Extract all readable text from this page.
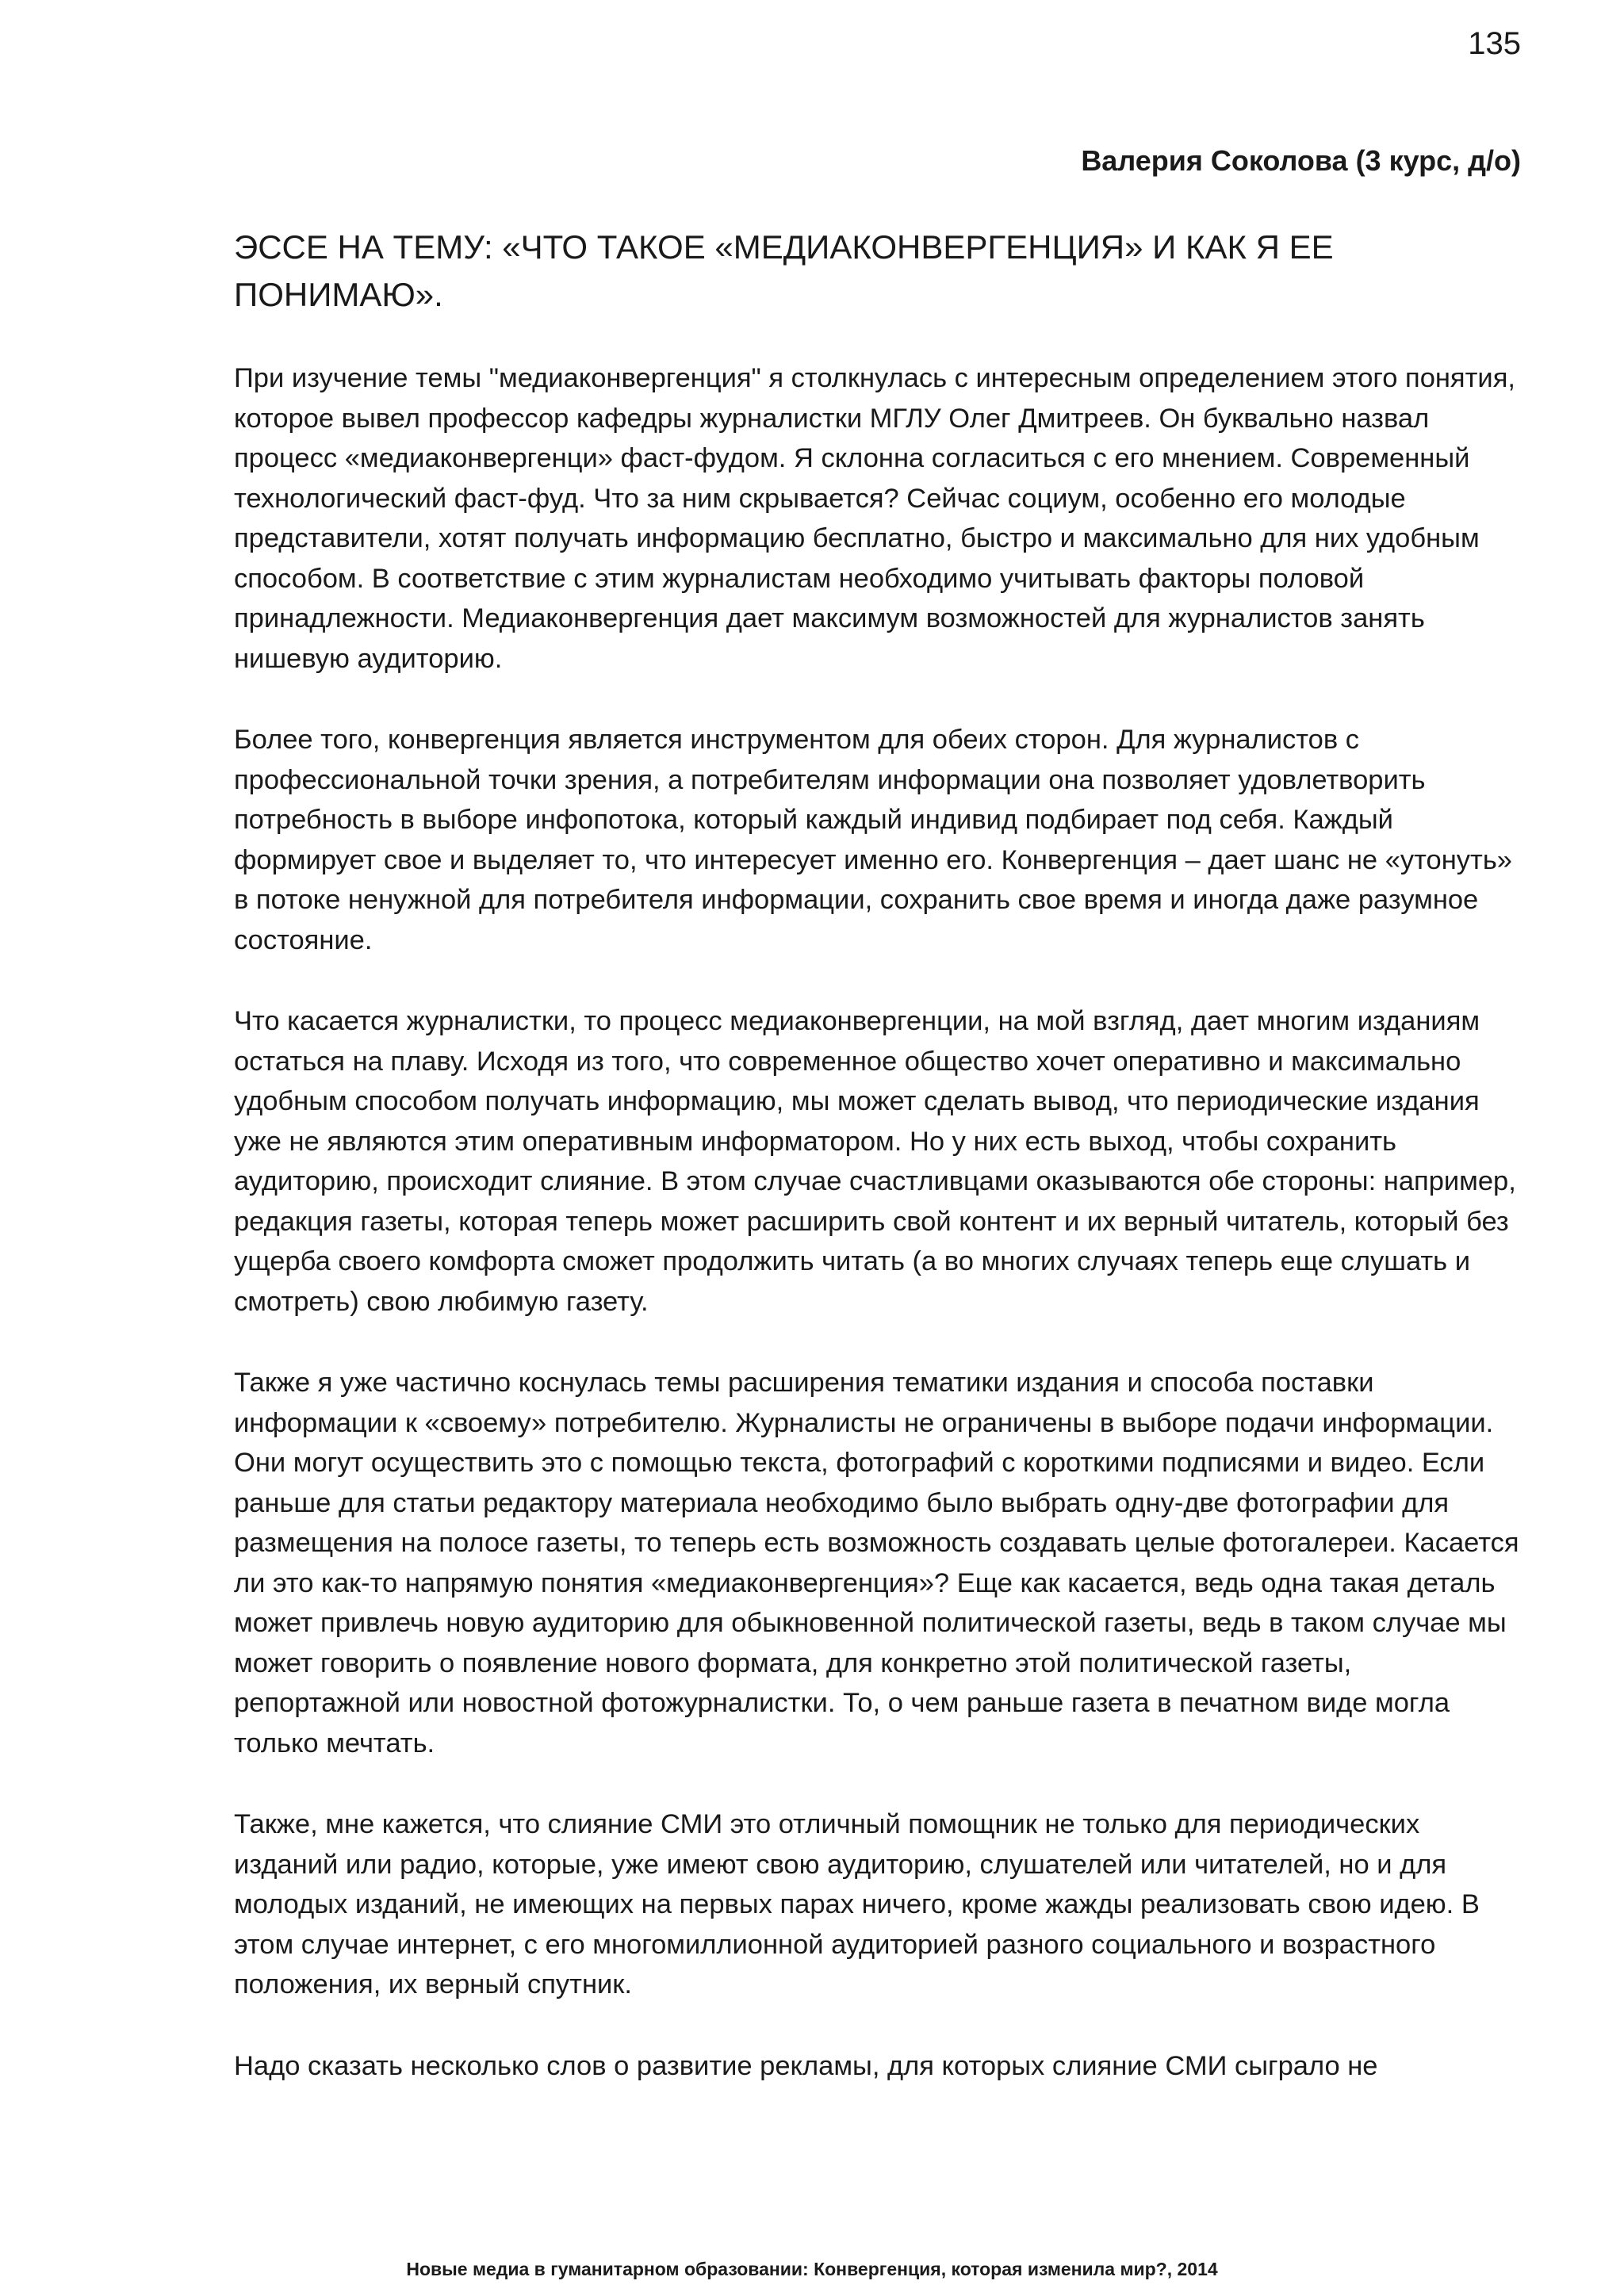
135
Валерия Соколова (3 курс, д/о)
ЭССЕ НА ТЕМУ: «ЧТО ТАКОЕ «МЕДИАКОНВЕРГЕНЦИЯ» И КАК Я ЕЕ ПОНИМАЮ».

При изучение темы "медиаконвергенция" я столкнулась с интересным определением этого понятия, которое вывел профессор кафедры журналистки МГЛУ Олег Дмитреев. Он буквально назвал процесс «медиаконвергенци» фаст-фудом. Я склонна согласиться с его мнением. Современный технологический фаст-фуд. Что за ним скрывается? Сейчас социум, особенно его молодые представители, хотят получать информацию бесплатно, быстро и максимально для них удобным способом. В соответствие с этим журналистам необходимо учитывать факторы половой принадлежности. Медиаконвергенция дает максимум возможностей для журналистов занять нишевую аудиторию.

Более того, конвергенция является инструментом для обеих сторон. Для журналистов с профессиональной точки зрения, а потребителям информации она позволяет удовлетворить потребность в выборе инфопотока, который каждый индивид подбирает под себя. Каждый формирует свое и выделяет то, что интересует именно его. Конвергенция – дает шанс не «утонуть» в потоке ненужной для потребителя информации, сохранить свое время и иногда даже разумное состояние.

Что касается журналистки, то процесс медиаконвергенции, на мой взгляд, дает многим изданиям остаться на плаву. Исходя из того, что современное общество хочет оперативно и максимально удобным способом получать информацию, мы может сделать вывод, что периодические издания уже не являются этим оперативным информатором. Но у них есть выход, чтобы сохранить аудиторию, происходит слияние. В этом случае счастливцами оказываются обе стороны: например, редакция газеты, которая теперь может расширить свой контент и их верный читатель, который без ущерба своего комфорта сможет продолжить читать (а во многих случаях теперь еще слушать и смотреть) свою любимую газету.

Также я уже частично коснулась темы расширения тематики издания и способа поставки информации к «своему» потребителю. Журналисты не ограничены в выборе подачи информации. Они могут осуществить это с помощью текста, фотографий с короткими подписями и видео. Если раньше для статьи редактору материала необходимо было выбрать одну-две фотографии для размещения на полосе газеты, то теперь есть возможность создавать целые фотогалереи. Касается ли это как-то напрямую понятия «медиаконвергенция»? Еще как касается, ведь одна такая деталь может привлечь новую аудиторию для обыкновенной политической газеты, ведь в таком случае мы может говорить о появление нового формата, для конкретно этой политической газеты, репортажной или новостной фотожурналистки. То, о чем раньше газета в печатном виде могла только мечтать.

Также, мне кажется, что слияние СМИ это отличный помощник не только для периодических изданий или радио, которые, уже имеют свою аудиторию, слушателей или читателей, но и для молодых изданий, не имеющих на первых парах ничего, кроме жажды реализовать свою идею. В этом случае интернет, с его многомиллионной аудиторией разного социального и возрастного положения, их верный спутник.

Надо сказать несколько слов о развитие рекламы, для которых слияние СМИ сыграло не

Новые медиа в гуманитарном образовании: Конвергенция, которая изменила мир?, 2014
